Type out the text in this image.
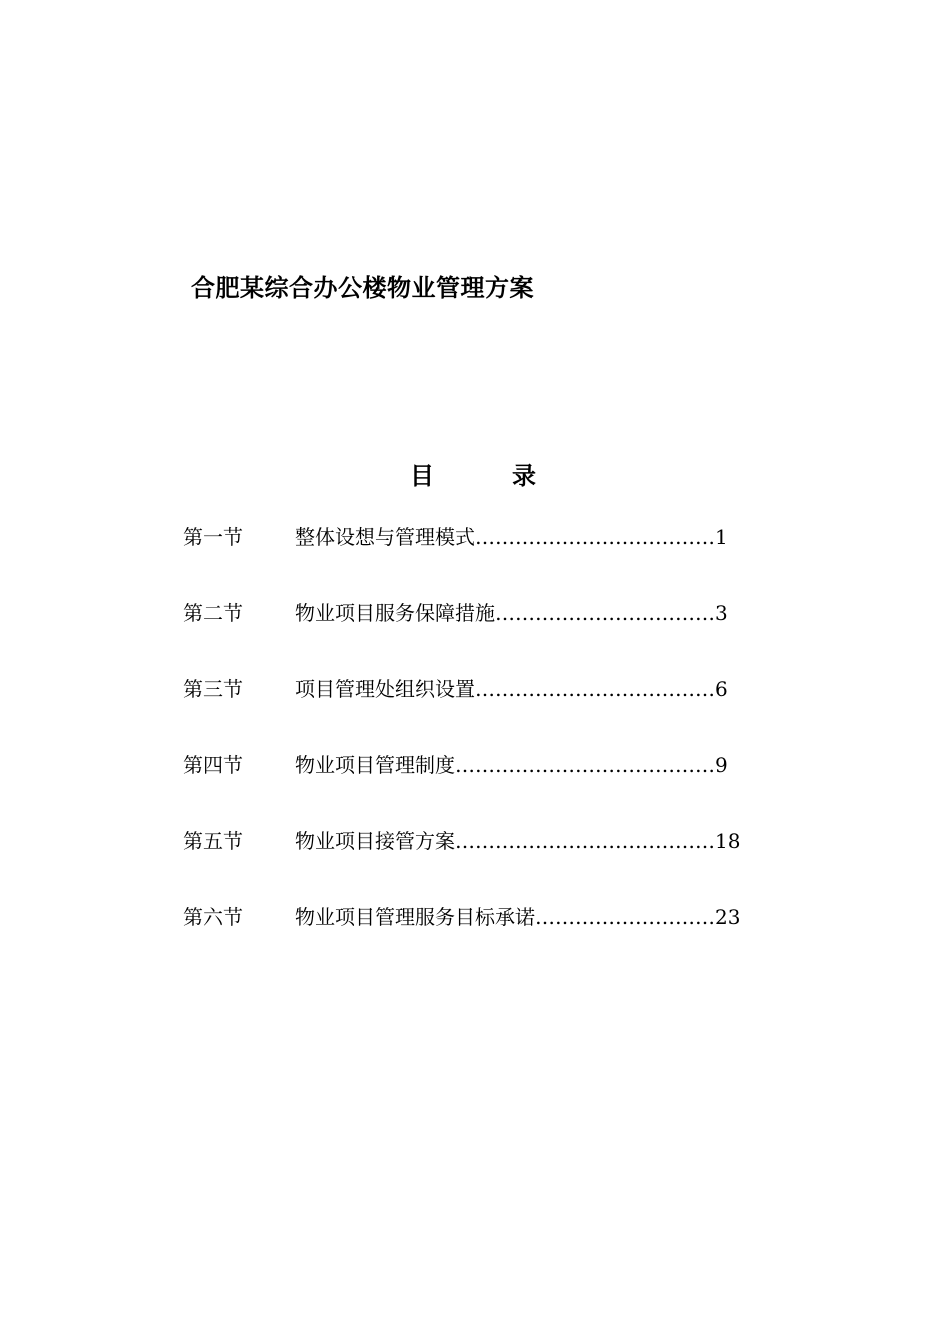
合肥某综合办公楼物业管理方案
目	录
第一节	整体设想与管理模式………………………………1
第二节	物业项目服务保障措施……………………………3
第三节	项目管理处组织设置………………………………6
第四节	物业项目管理制度…………………………………9
第五节	物业项目接管方案…………………………………18
第六节	物业项目管理服务目标承诺………………………23
